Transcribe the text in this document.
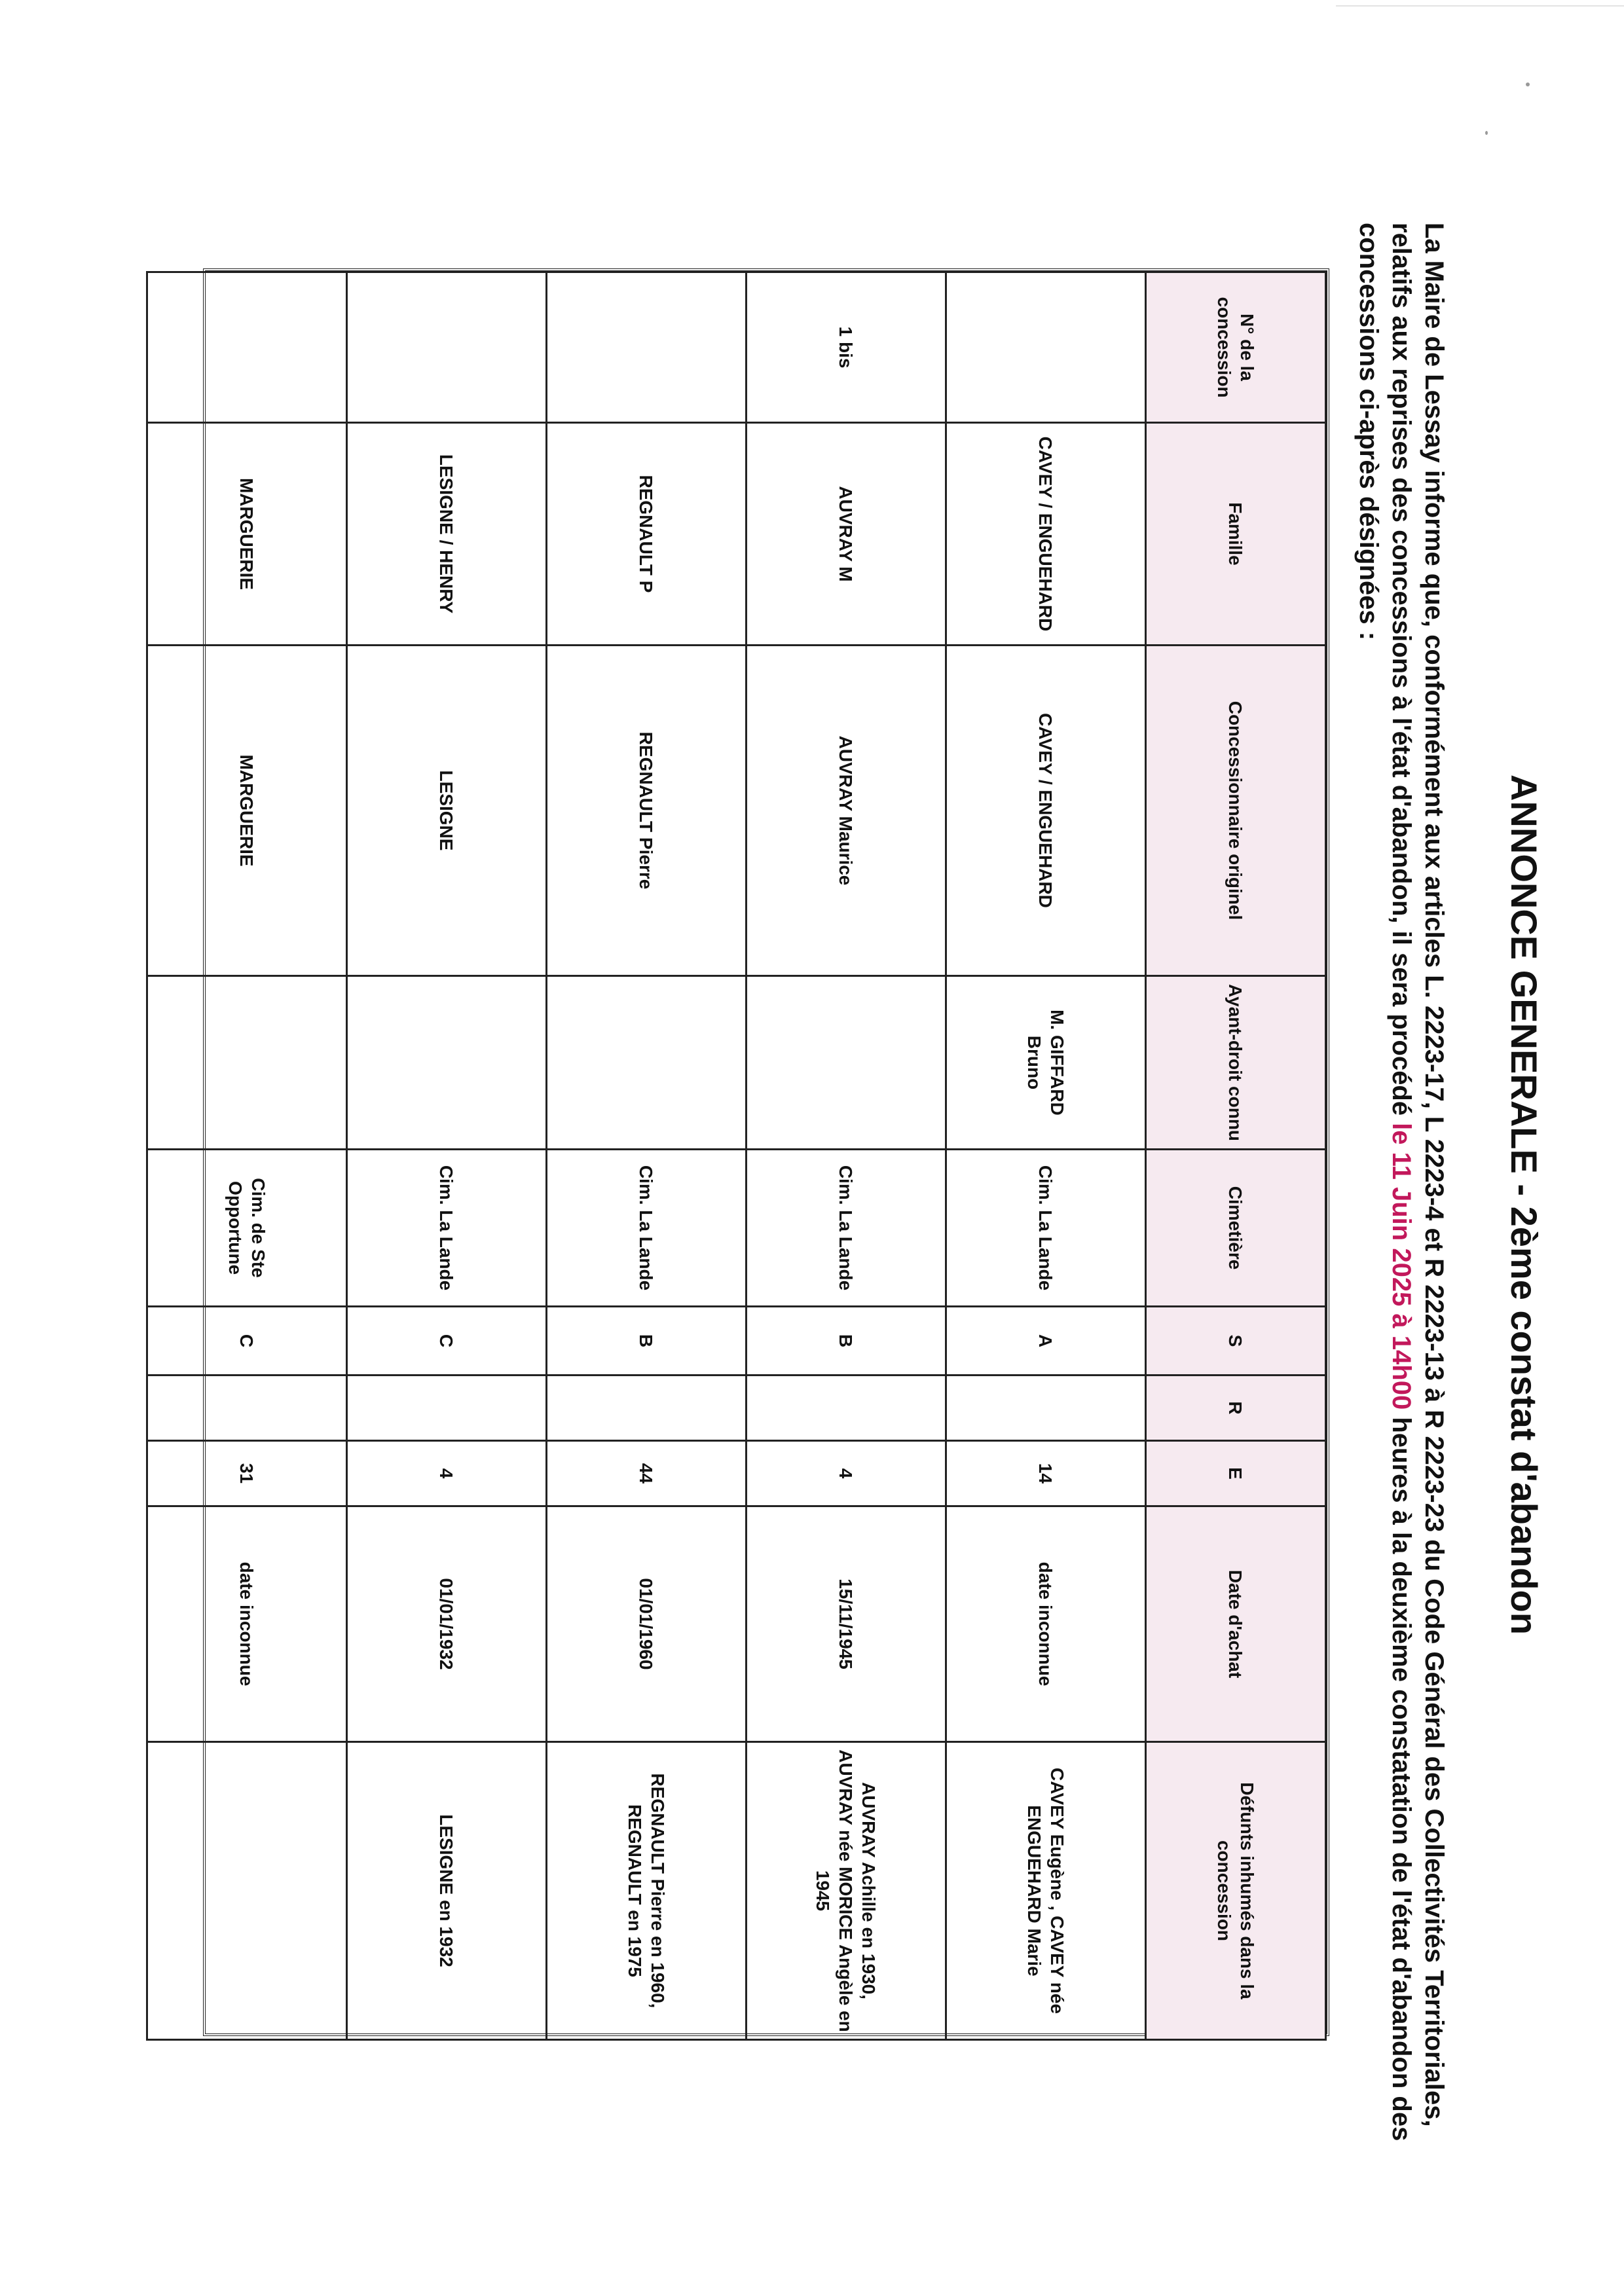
ANNONCE GENERALE - 2ème constat d'abandon
La Maire de Lessay informe que, conformément aux articles L. 2223-17, L 2223-4 et R 2223-13 à R 2223-23 du Code Général des Collectivités Territoriales, relatifs aux reprises des concessions à l'état d'abandon, il sera procédé le 11 Juin 2025 à 14h00 heures à la deuxième constatation de l'état d'abandon des concessions ci-après désignées :
N° de la concession	Famille	Concessionnaire originel	Ayant-droit connu	Cimetière	S	R	E	Date d'achat	Défunts inhumés dans la concession
	CAVEY / ENGUEHARD	CAVEY / ENGUEHARD	M. GIFFARD Bruno	Cim. La Lande	A		14	date inconnue	CAVEY Eugène , CAVEY née ENGUEHARD Marie
1 bis	AUVRAY M	AUVRAY Maurice		Cim. La Lande	B		4	15/11/1945	AUVRAY Achille en 1930, AUVRAY née MORICE Angèle en 1945
	REGNAULT P	REGNAULT Pierre		Cim. La Lande	B		44	01/01/1960	REGNAULT Pierre en 1960, REGNAULT en 1975
	LESIGNE / HENRY	LESIGNE		Cim. La Lande	C		4	01/01/1932	LESIGNE en 1932
	MARGUERIE	MARGUERIE		Cim. de Ste Opportune	C		31	date inconnue	
